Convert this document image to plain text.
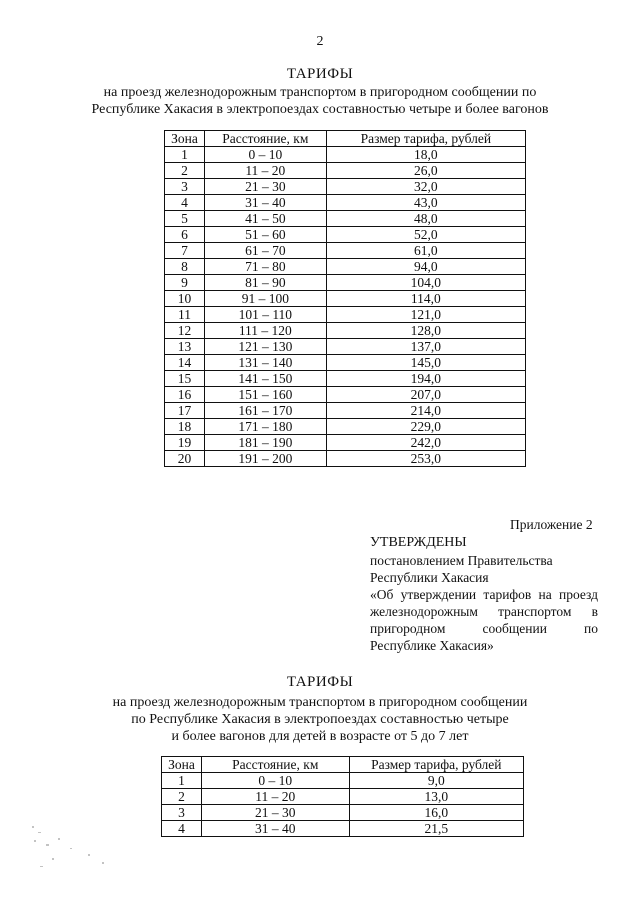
2
ТАРИФЫ
на проезд железнодорожным транспортом в пригородном сообщении по
Республике Хакасия в электропоездах составностью четыре и более вагонов
Зона	Расстояние, км	Размер тарифа, рублей
1	0 – 10	18,0
2	11 – 20	26,0
3	21 – 30	32,0
4	31 – 40	43,0
5	41 – 50	48,0
6	51 – 60	52,0
7	61 – 70	61,0
8	71 – 80	94,0
9	81 – 90	104,0
10	91 – 100	114,0
11	101 – 110	121,0
12	111 – 120	128,0
13	121 – 130	137,0
14	131 – 140	145,0
15	141 – 150	194,0
16	151 – 160	207,0
17	161 – 170	214,0
18	171 – 180	229,0
19	181 – 190	242,0
20	191 – 200	253,0
Приложение 2
УТВЕРЖДЕНЫ
постановлением Правительства
Республики Хакасия
«Об утверждении тарифов на проезд
железнодорожным транспортом в
пригородном сообщении по
Республике Хакасия»
ТАРИФЫ
на проезд железнодорожным транспортом в пригородном сообщении
по Республике Хакасия в электропоездах составностью четыре
и более вагонов для детей в возрасте от 5 до 7 лет
Зона	Расстояние, км	Размер тарифа, рублей
1	0 – 10	9,0
2	11 – 20	13,0
3	21 – 30	16,0
4	31 – 40	21,5
